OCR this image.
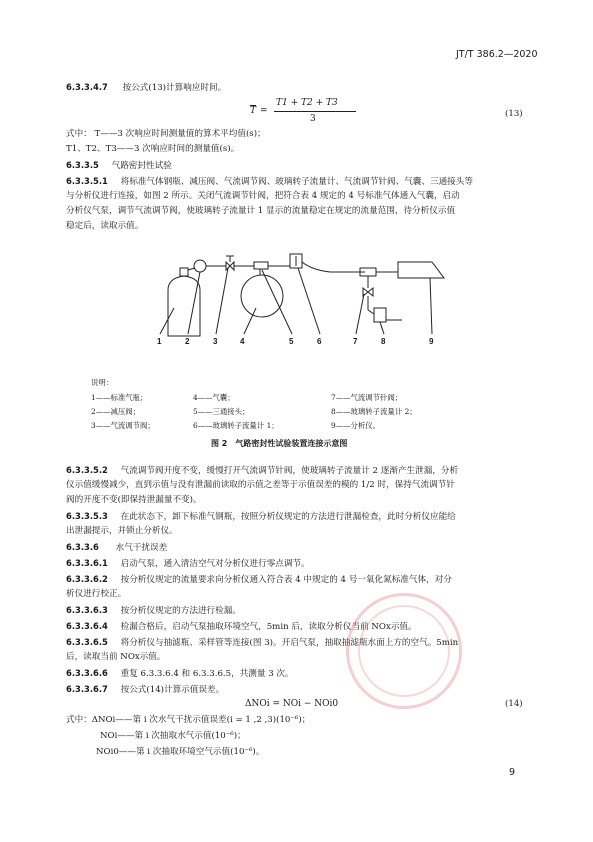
JT/T 386.2—2020
6.3.3.4.7 按公式(13)计算响应时间。
$\overline{T}$ =
T1 + T2 + T3
3	(13)
式中： T——3 次响应时间测量值的算术平均值(s)；
T1、T2、T3——3 次响应时间的测量值(s)。
6.3.3.5 气路密封性试验
6.3.3.5.1 将标准气体钢瓶、减压阀、气流调节阀、玻璃转子流量计、气流调节针阀、气囊、三通接头等
与分析仪进行连接，如图 2 所示。关闭气流调节针阀，把符合表 4 规定的 4 号标准气体通入气囊，启动
分析仪气泵，调节气流调节阀，使玻璃转子流量计 1 显示的流量稳定在规定的流量范围，待分析仪示值
稳定后，读取示值。
1	2	3	4	5	6	7	8	9
说明：
1——标准气瓶；	4——气囊；	7——气流调节针阀；
2——减压阀；	5——三通接头；	8——玻璃转子流量计 2；
3——气流调节阀；	6——玻璃转子流量计 1；	9——分析仪。
图 2　气路密封性试验装置连接示意图
6.3.3.5.2 气流调节阀开度不变，缓慢打开气流调节针阀，使玻璃转子流量计 2 逐渐产生泄漏，分析
仪示值缓慢减少，直到示值与没有泄漏前读取的示值之差等于示值误差的模的 1/2 时，保持气流调节针
阀的开度不变(即保持泄漏量不变)。
6.3.3.5.3 在此状态下，卸下标准气钢瓶，按照分析仪规定的方法进行泄漏检查，此时分析仪应能给
出泄漏提示，并锁止分析仪。
6.3.3.6 水气干扰误差
6.3.3.6.1 启动气泵，通入清洁空气对分析仪进行零点调节。
6.3.3.6.2 按分析仪规定的流量要求向分析仪通入符合表 4 中规定的 4 号一氧化氮标准气体，对分
析仪进行校正。
6.3.3.6.3 按分析仪规定的方法进行检漏。
6.3.3.6.4 检漏合格后，启动气泵抽取环境空气，5min 后，读取分析仪当前 NOx示值。
6.3.3.6.5 将分析仪与抽滤瓶、采样管等连接(图 3)。开启气泵，抽取抽滤瓶水面上方的空气。5min
后，读取当前 NOx示值。
6.3.3.6.6 重复 6.3.3.6.4 和 6.3.3.6.5，共测量 3 次。
6.3.3.6.7 按公式(14)计算示值误差。
ΔNOi = NOi − NOi0	(14)
式中：ΔNOi——第 i 次水气干扰示值误差(i = 1 ,2 ,3)(10⁻⁶)；
NOi——第 i 次抽取水气示值(10⁻⁶)；
NOi0——第 i 次抽取环境空气示值(10⁻⁶)。
9
